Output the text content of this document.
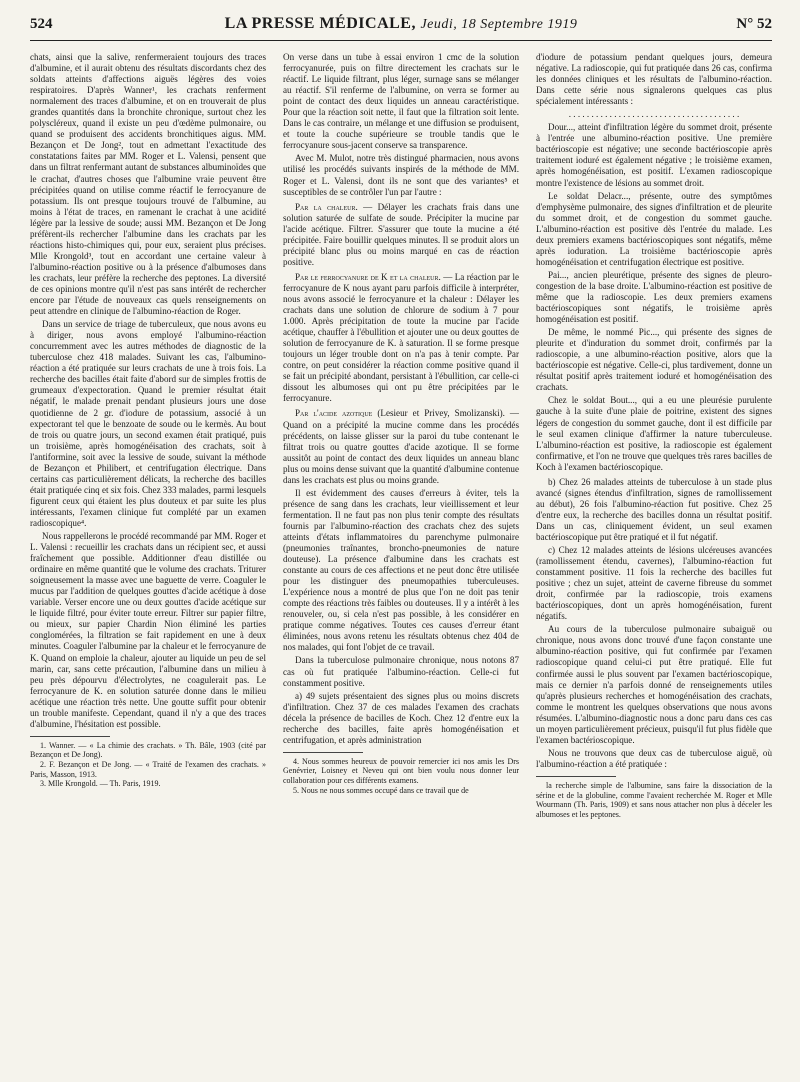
524	LA PRESSE MÉDICALE, Jeudi, 18 Septembre 1919	N° 52

chats, ainsi que la salive, renfermeraient toujours des traces d'albumine, et il aurait obtenu des résultats discordants chez des soldats atteints d'affections aiguës légères des voies respiratoires. D'après Wanner¹, les crachats renferment normalement des traces d'albumine, et on en trouverait de plus grandes quantités dans la bronchite chronique, surtout chez les polyscléreux, quand il existe un peu d'œdème pulmonaire, ou quand se produisent des accidents bronchitiques aigus. MM. Bezançon et De Jong², tout en admettant l'exactitude des constatations faites par MM. Roger et L. Valensi, pensent que dans un filtrat renfermant autant de substances albuminoïdes que le crachat, d'autres choses que l'albumine vraie peuvent être précipitées quand on utilise comme réactif le ferrocyanure de potassium. Ils ont presque toujours trouvé de l'albumine, au moins à l'état de traces, en ramenant le crachat à une acidité légère par la lessive de soude; aussi MM. Bezançon et De Jong préfèrent-ils rechercher l'albumine dans les crachats par les réactions histo-chimiques qui, pour eux, seraient plus précises. Mlle Krongold³, tout en accordant une certaine valeur à l'albumino-réaction positive ou à la présence d'albumoses dans les crachats, leur préfère la recherche des peptones. La diversité de ces opinions montre qu'il n'est pas sans intérêt de rechercher encore par l'étude de nouveaux cas quels renseignements on peut attendre en clinique de l'albumino-réaction de Roger.

Dans un service de triage de tuberculeux, que nous avons eu à diriger, nous avons employé l'albumino-réaction concurremment avec les autres méthodes de diagnostic de la tuberculose chez 418 malades. Suivant les cas, l'albumino-réaction a été pratiquée sur leurs crachats de une à trois fois. La recherche des bacilles était faite d'abord sur de simples frottis de grumeaux d'expectoration. Quand le premier résultat était négatif, le malade prenait pendant plusieurs jours une dose quotidienne de 2 gr. d'iodure de potassium, associé à un expectorant tel que le benzoate de soude ou le kermès. Au bout de trois ou quatre jours, un second examen était pratiqué, puis un troisième, après homogénéisation des crachats, soit à l'antiformine, soit avec la lessive de soude, suivant la méthode de Bezançon et Philibert, et centrifugation électrique. Dans certains cas particulièrement délicats, la recherche des bacilles était pratiquée cinq et six fois. Chez 333 malades, parmi lesquels figurent ceux qui étaient les plus douteux et par suite les plus intéressants, l'examen clinique fut complété par un examen radioscopique⁴.

Nous rappellerons le procédé recommandé par MM. Roger et L. Valensi : recueillir les crachats dans un récipient sec, et aussi fraîchement que possible. Additionner d'eau distillée ou ordinaire en même quantité que le volume des crachats. Triturer soigneusement la masse avec une baguette de verre. Coaguler le mucus par l'addition de quelques gouttes d'acide acétique à dose variable. Verser encore une ou deux gouttes d'acide acétique sur le liquide filtré, pour éviter toute erreur. Filtrer sur papier filtre, ou mieux, sur papier Chardin Nion éliminé les parties conglomérées, la filtration se fait rapidement en une à deux minutes. Coaguler l'albumine par la chaleur et le ferrocyanure de K. Quand on emploie la chaleur, ajouter au liquide un peu de sel marin, car, sans cette précaution, l'albumine dans un milieu à peu près dépourvu d'électrolytes, ne coagulerait pas. Le ferrocyanure de K. en solution saturée donne dans le milieu acétique une réaction très nette. Une goutte suffit pour obtenir un trouble manifeste. Cependant, quand il n'y a que des traces d'albumine, l'hésitation est possible.

1. Wanner. — « La chimie des crachats. » Th. Bâle, 1903 (cité par Bezançon et De Jong).

2. F. Bezançon et De Jong. — « Traité de l'examen des crachats. » Paris, Masson, 1913.

3. Mlle Krongold. — Th. Paris, 1919.

On verse dans un tube à essai environ 1 cmc de la solution ferrocyanurée, puis on filtre directement les crachats sur le réactif. Le liquide filtrant, plus léger, surnage sans se mélanger au réactif. S'il renferme de l'albumine, on verra se former au point de contact des deux liquides un anneau caractéristique. Pour que la réaction soit nette, il faut que la filtration soit lente. Dans le cas contraire, un mélange et une diffusion se produisent, et toute la couche supérieure se trouble tandis que le ferrocyanure sous-jacent conserve sa transparence.

Avec M. Mulot, notre très distingué pharmacien, nous avons utilisé les procédés suivants inspirés de la méthode de MM. Roger et L. Valensi, dont ils ne sont que des variantes⁵ et susceptibles de se contrôler l'un par l'autre :

Par la chaleur. — Délayer les crachats frais dans une solution saturée de sulfate de soude. Précipiter la mucine par l'acide acétique. Filtrer. S'assurer que toute la mucine a été précipitée. Faire bouillir quelques minutes. Il se produit alors un précipité blanc plus ou moins marqué en cas de réaction positive.

Par le ferrocyanure de K et la chaleur. — La réaction par le ferrocyanure de K nous ayant paru parfois difficile à interpréter, nous avons associé le ferrocyanure et la chaleur : Délayer les crachats dans une solution de chlorure de sodium à 7 pour 1.000. Après précipitation de toute la mucine par l'acide acétique, chauffer à l'ébullition et ajouter une ou deux gouttes de solution de ferrocyanure de K. à saturation. Il se forme presque toujours un léger trouble dont on n'a pas à tenir compte. Par contre, on peut considérer la réaction comme positive quand il se fait un précipité abondant, persistant à l'ébullition, car celle-ci dissout les albumoses qui ont pu être précipitées par le ferrocyanure.

Par l'acide azotique (Lesieur et Privey, Smolizanski). — Quand on a précipité la mucine comme dans les procédés précédents, on laisse glisser sur la paroi du tube contenant le filtrat trois ou quatre gouttes d'acide azotique. Il se forme aussitôt au point de contact des deux liquides un anneau blanc plus ou moins dense suivant que la quantité d'albumine contenue dans les crachats est plus ou moins grande.

Il est évidemment des causes d'erreurs à éviter, tels la présence de sang dans les crachats, leur vieillissement et leur fermentation. Il ne faut pas non plus tenir compte des résultats fournis par l'albumino-réaction des crachats chez des sujets atteints d'états inflammatoires du parenchyme pulmonaire (pneumonies traînantes, broncho-pneumonies de nature douteuse). La présence d'albumine dans les crachats est constante au cours de ces affections et ne peut donc être utilisée pour les distinguer des pneumopathies tuberculeuses. L'expérience nous a montré de plus que l'on ne doit pas tenir compte des réactions très faibles ou douteuses. Il y a intérêt à les renouveler, ou, si cela n'est pas possible, à les considérer en pratique comme négatives. Toutes ces causes d'erreur étant éliminées, nous avons retenu les résultats obtenus chez 404 de nos malades, qui font l'objet de ce travail.

Dans la tuberculose pulmonaire chronique, nous notons 87 cas où fut pratiquée l'albumino-réaction. Celle-ci fut constamment positive.

a) 49 sujets présentaient des signes plus ou moins discrets d'infiltration. Chez 37 de ces malades l'examen des crachats décela la présence de bacilles de Koch. Chez 12 d'entre eux la recherche des bacilles, faite après homogénéisation et centrifugation, et après administration

4. Nous sommes heureux de pouvoir remercier ici nos amis les Drs Genévrier, Loisney et Neveu qui ont bien voulu nous donner leur collaboration pour ces différents examens.

5. Nous ne nous sommes occupé dans ce travail que de

d'iodure de potassium pendant quelques jours, demeura négative. La radioscopie, qui fut pratiquée dans 26 cas, confirma les données cliniques et les résultats de l'albumino-réaction. Dans cette série nous signalerons quelques cas plus spécialement intéressants :

. . . . . . . . . . . . . . . . . . . . . . . . . . . . . . . . . . . . . .

Dour..., atteint d'infiltration légère du sommet droit, présente à l'entrée une albumino-réaction positive. Une première bactérioscopie est négative; une seconde bactérioscopie après traitement ioduré est également négative ; le troisième examen, après homogénéisation, est positif. L'examen radioscopique montre l'existence de lésions au sommet droit.

Le soldat Delacr..., présente, outre des symptômes d'emphysème pulmonaire, des signes d'infiltration et de pleurite du sommet droit, et de congestion du sommet gauche. L'albumino-réaction est positive dès l'entrée du malade. Les deux premiers examens bactérioscopiques sont négatifs, même après ioduration. La troisième bactérioscopie après homogénéisation et centrifugation électrique est positive.

Pai..., ancien pleurétique, présente des signes de pleuro-congestion de la base droite. L'albumino-réaction est positive de même que la radioscopie. Les deux premiers examens bactérioscopiques sont négatifs, le troisième après homogénéisation est positif.

De même, le nommé Pic..., qui présente des signes de pleurite et d'induration du sommet droit, confirmés par la radioscopie, a une albumino-réaction positive, alors que la bactérioscopie est négative. Celle-ci, plus tardivement, donne un résultat positif après traitement ioduré et homogénéisation des crachats.

Chez le soldat Bout..., qui a eu une pleurésie purulente gauche à la suite d'une plaie de poitrine, existent des signes légers de congestion du sommet gauche, dont il est difficile par le seul examen clinique d'affirmer la nature tuberculeuse. L'albumino-réaction est positive, la radioscopie est également confirmative, et l'on ne trouve que quelques très rares bacilles de Koch à l'examen bactérioscopique.

b) Chez 26 malades atteints de tuberculose à un stade plus avancé (signes étendus d'infiltration, signes de ramollissement au début), 26 fois l'albumino-réaction fut positive. Chez 25 d'entre eux, la recherche des bacilles donna un résultat positif. Dans un cas, cliniquement évident, un seul examen bactérioscopique put être pratiqué et il fut négatif.

c) Chez 12 malades atteints de lésions ulcéreuses avancées (ramollissement étendu, cavernes), l'albumino-réaction fut constamment positive. 11 fois la recherche des bacilles fut positive ; chez un sujet, atteint de caverne fibreuse du sommet droit, confirmée par la radioscopie, trois examens bactérioscopiques, dont un après homogénéisation, furent négatifs.

Au cours de la tuberculose pulmonaire subaiguë ou chronique, nous avons donc trouvé d'une façon constante une albumino-réaction positive, qui fut confirmée par l'examen radioscopique quand celui-ci put être pratiqué. Elle fut confirmée aussi le plus souvent par l'examen bactérioscopique, mais ce dernier n'a parfois donné de renseignements utiles qu'après plusieurs recherches et homogénéisation des crachats, comme le montrent les quelques observations que nous avons résumées. L'albumino-diagnostic nous a donc paru dans ces cas un moyen particulièrement précieux, puisqu'il fut plus fidèle que l'examen bactérioscopique.

Nous ne trouvons que deux cas de tuberculose aiguë, où l'albumino-réaction a été pratiquée :

la recherche simple de l'albumine, sans faire la dissociation de la sérine et de la globuline, comme l'avaient recherchée M. Roger et Mlle Wourmann (Th. Paris, 1909) et sans nous attacher non plus à déceler les albumoses et les peptones.
